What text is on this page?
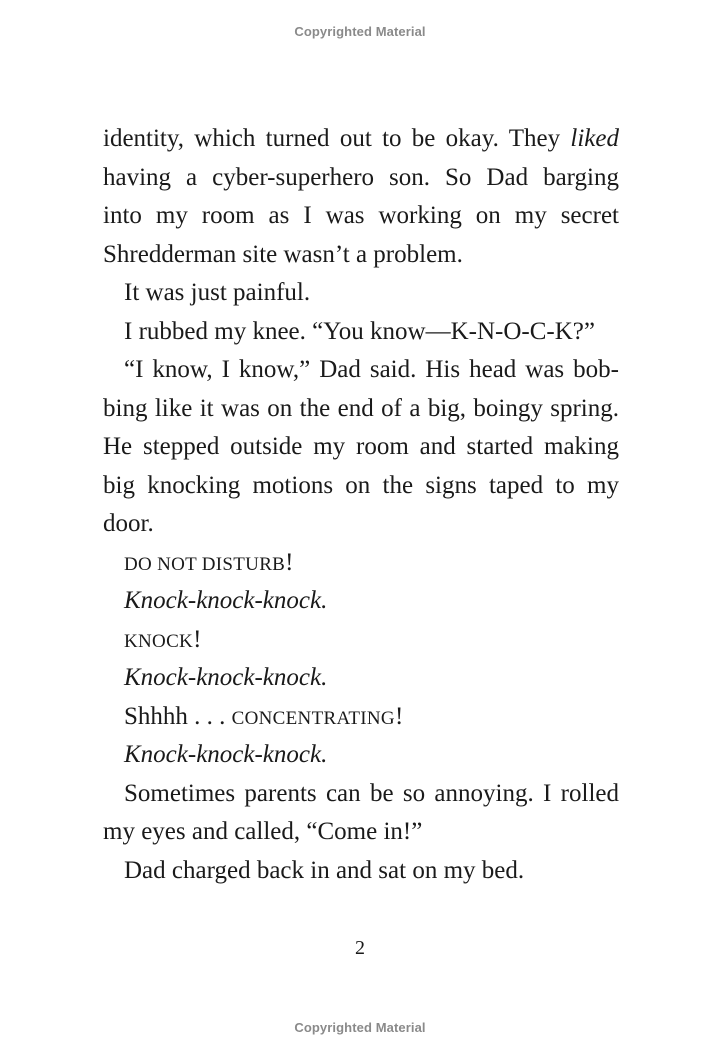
Copyrighted Material
identity, which turned out to be okay. They liked
having a cyber-superhero son. So Dad barging
into my room as I was working on my secret
Shredderman site wasn’t a problem.
It was just painful.
I rubbed my knee. “You know—K-N-O-C-K?”
“I know, I know,” Dad said. His head was bob-
bing like it was on the end of a big, boingy spring.
He stepped outside my room and started making
big knocking motions on the signs taped to my
door.
DO NOT DISTURB!
Knock-knock-knock.
KNOCK!
Knock-knock-knock.
Shhhh . . . CONCENTRATING!
Knock-knock-knock.
Sometimes parents can be so annoying. I rolled
my eyes and called, “Come in!”
Dad charged back in and sat on my bed.
2
Copyrighted Material
